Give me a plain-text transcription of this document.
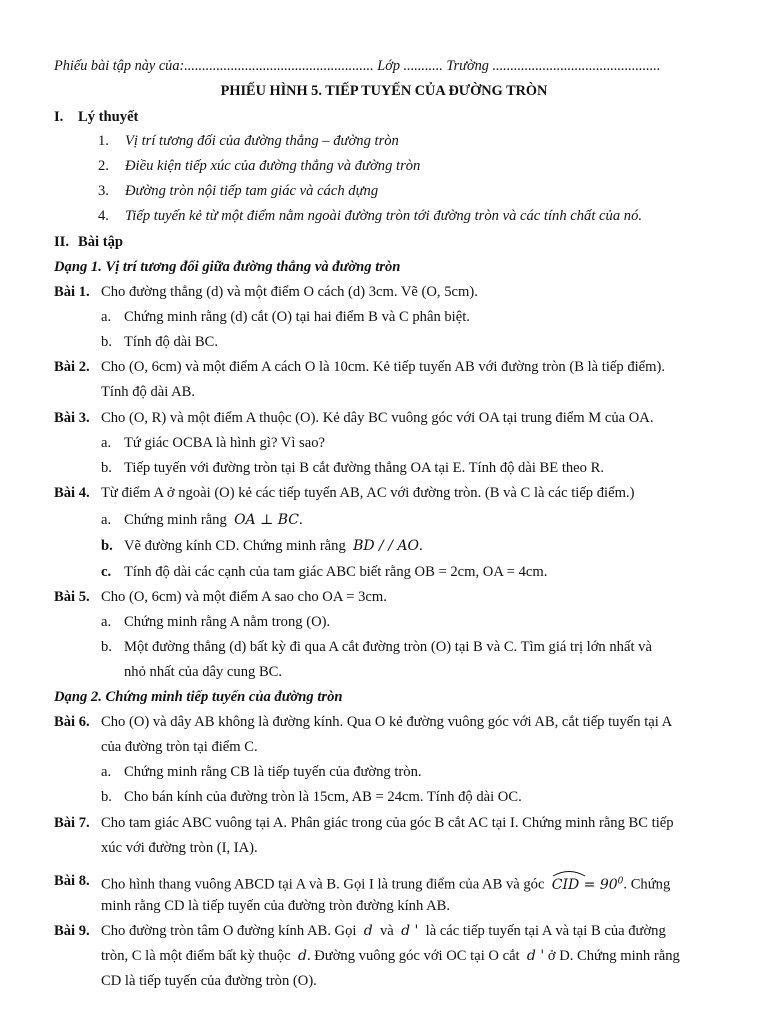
Phiếu bài tập này của:..................................................... Lớp ........... Trường ...............................................
PHIẾU HÌNH 5. TIẾP TUYẾN CỦA ĐƯỜNG TRÒN
I. Lý thuyết
1. Vị trí tương đối của đường thẳng – đường tròn
2. Điều kiện tiếp xúc của đường thẳng và đường tròn
3. Đường tròn nội tiếp tam giác và cách dựng
4. Tiếp tuyến kẻ từ một điểm nằm ngoài đường tròn tới đường tròn và các tính chất của nó.
II. Bài tập
Dạng 1. Vị trí tương đối giữa đường thẳng và đường tròn
Bài 1. Cho đường thẳng (d) và một điểm O cách (d) 3cm. Vẽ (O, 5cm).
a. Chứng minh rằng (d) cắt (O) tại hai điểm B và C phân biệt.
b. Tính độ dài BC.
Bài 2. Cho (O, 6cm) và một điểm A cách O là 10cm. Kẻ tiếp tuyến AB với đường tròn (B là tiếp điểm).
Tính độ dài AB.
Bài 3. Cho (O, R) và một điểm A thuộc (O). Kẻ dây BC vuông góc với OA tại trung điểm M của OA.
a. Tứ giác OCBA là hình gì? Vì sao?
b. Tiếp tuyến với đường tròn tại B cắt đường thẳng OA tại E. Tính độ dài BE theo R.
Bài 4. Từ điểm A ở ngoài (O) kẻ các tiếp tuyến AB, AC với đường tròn. (B và C là các tiếp điểm.)
a. Chứng minh rằng OA ⊥ BC.
b. Vẽ đường kính CD. Chứng minh rằng BD / / AO.
c. Tính độ dài các cạnh của tam giác ABC biết rằng OB = 2cm, OA = 4cm.
Bài 5. Cho (O, 6cm) và một điểm A sao cho OA = 3cm.
a. Chứng minh rằng A nằm trong (O).
b. Một đường thẳng (d) bất kỳ đi qua A cắt đường tròn (O) tại B và C. Tìm giá trị lớn nhất và
nhỏ nhất của dây cung BC.
Dạng 2. Chứng minh tiếp tuyến của đường tròn
Bài 6. Cho (O) và dây AB không là đường kính. Qua O kẻ đường vuông góc với AB, cắt tiếp tuyến tại A
của đường tròn tại điểm C.
a. Chứng minh rằng CB là tiếp tuyến của đường tròn.
b. Cho bán kính của đường tròn là 15cm, AB = 24cm. Tính độ dài OC.
Bài 7. Cho tam giác ABC vuông tại A. Phân giác trong của góc B cắt AC tại I. Chứng minh rằng BC tiếp
xúc với đường tròn (I, IA).
Bài 8. Cho hình thang vuông ABCD tại A và B. Gọi I là trung điểm của AB và góc CID = $90^0$. Chứng
minh rằng CD là tiếp tuyến của đường tròn đường kính AB.
Bài 9. Cho đường tròn tâm O đường kính AB. Gọi d và d ' là các tiếp tuyến tại A và tại B của đường
tròn, C là một điểm bất kỳ thuộc d. Đường vuông góc với OC tại O cắt d ' ở D. Chứng minh rằng
CD là tiếp tuyến của đường tròn (O).
